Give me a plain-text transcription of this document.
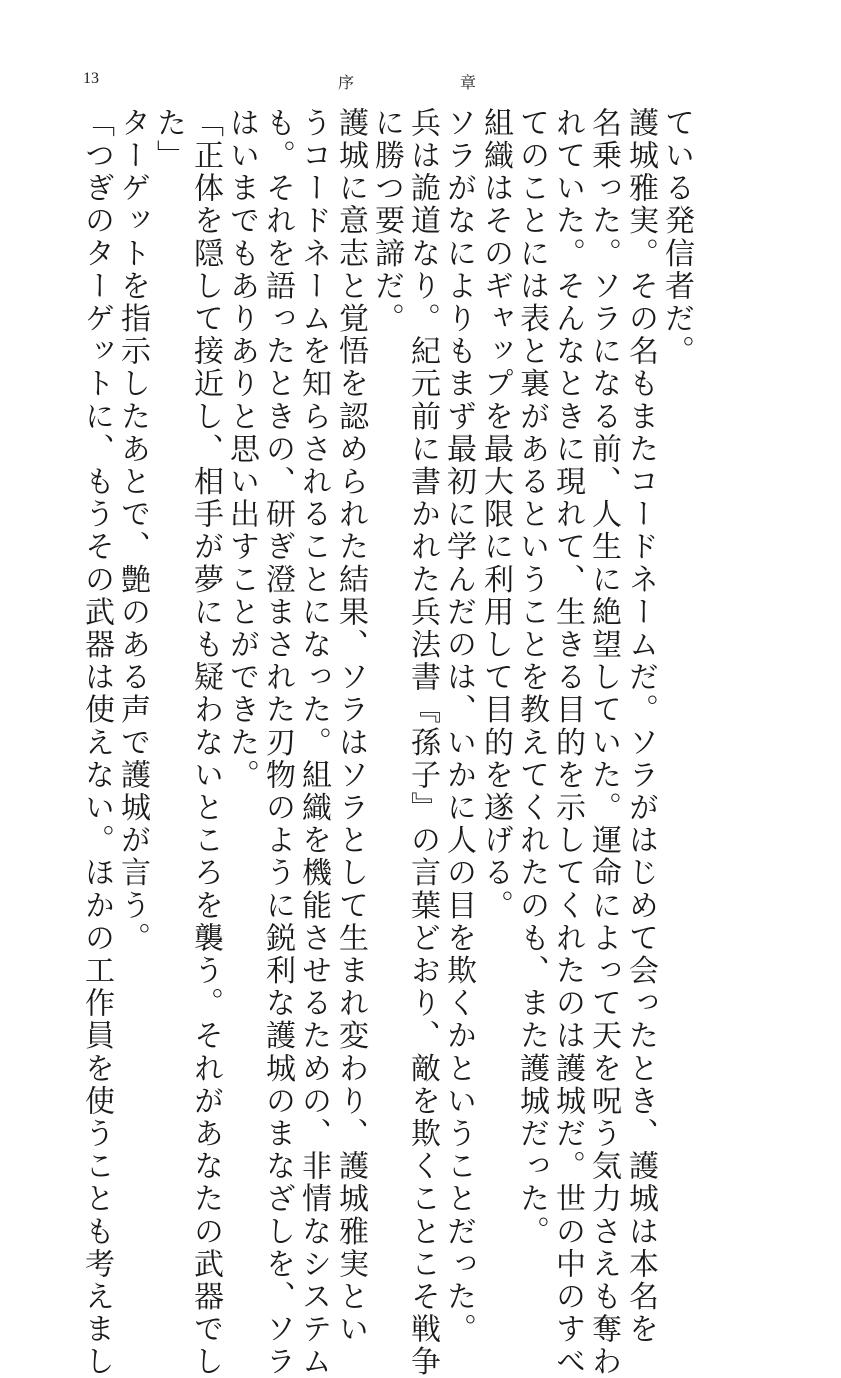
13	序	章
ている発信者だ。
護城雅実。その名もまたコードネームだ。ソラがはじめて会ったとき、護城は本名を
名乗った。ソラになる前、人生に絶望していた。運命によって天を呪う気力さえも奪わ
れていた。そんなときに現れて、生きる目的を示してくれたのは護城だ。世の中のすべ
てのことには表と裏があるということを教えてくれたのも、また護城だった。
組織はそのギャップを最大限に利用して目的を遂げる。
ソラがなによりもまず最初に学んだのは、いかに人の目を欺くかということだった。
兵は詭道なり。紀元前に書かれた兵法書『孫子』の言葉どおり、敵を欺くことこそ戦争
に勝つ要諦だ。
護城に意志と覚悟を認められた結果、ソラはソラとして生まれ変わり、護城雅実とい
うコードネームを知らされることになった。組織を機能させるための、非情なシステム
も。それを語ったときの、研ぎ澄まされた刃物のように鋭利な護城のまなざしを、ソラ
はいまでもありありと思い出すことができた。
「正体を隠して接近し、相手が夢にも疑わないところを襲う。それがあなたの武器でし
た」
ターゲットを指示したあとで、艶のある声で護城が言う。
「つぎのターゲットに、もうその武器は使えない。ほかの工作員を使うことも考えまし
